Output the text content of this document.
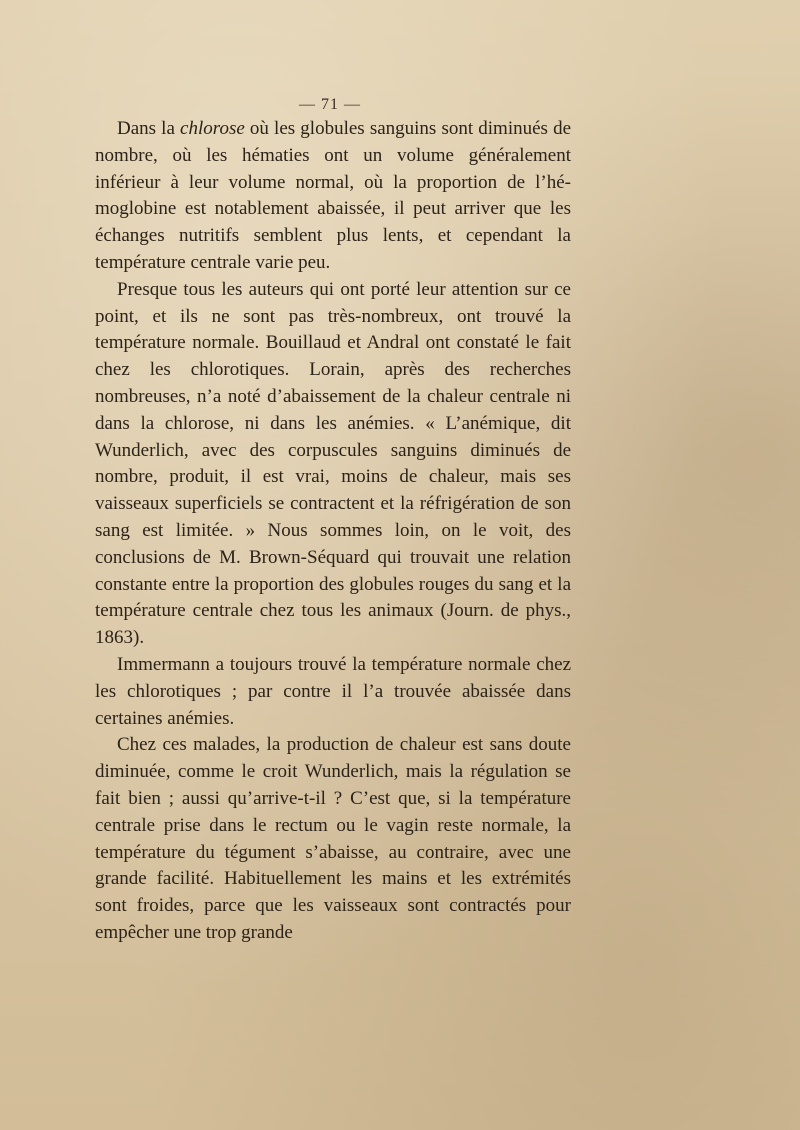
— 71 —

Dans la chlorose où les globules sanguins sont diminués de nombre, où les hématies ont un volume généralement inférieur à leur volume normal, où la proportion de l’hémoglobine est notablement abaissée, il peut arriver que les échanges nutritifs semblent plus lents, et cependant la température centrale varie peu.

Presque tous les auteurs qui ont porté leur attention sur ce point, et ils ne sont pas très-nombreux, ont trouvé la température normale. Bouillaud et Andral ont constaté le fait chez les chlorotiques. Lorain, après des recherches nombreuses, n’a noté d’abaissement de la chaleur centrale ni dans la chlorose, ni dans les anémies. « L’anémique, dit Wunderlich, avec des corpuscules sanguins diminués de nombre, produit, il est vrai, moins de chaleur, mais ses vaisseaux superficiels se contractent et la réfrigération de son sang est limitée. » Nous sommes loin, on le voit, des conclusions de M. Brown-Séquard qui trouvait une relation constante entre la proportion des globules rouges du sang et la température centrale chez tous les animaux (Journ. de phys., 1863).

Immermann a toujours trouvé la température normale chez les chlorotiques ; par contre il l’a trouvée abaissée dans certaines anémies.

Chez ces malades, la production de chaleur est sans doute diminuée, comme le croit Wunderlich, mais la régulation se fait bien ; aussi qu’arrive-t-il ? C’est que, si la température centrale prise dans le rectum ou le vagin reste normale, la température du tégument s’abaisse, au contraire, avec une grande facilité. Habituellement les mains et les extrémités sont froides, parce que les vaisseaux sont contractés pour empêcher une trop grande
